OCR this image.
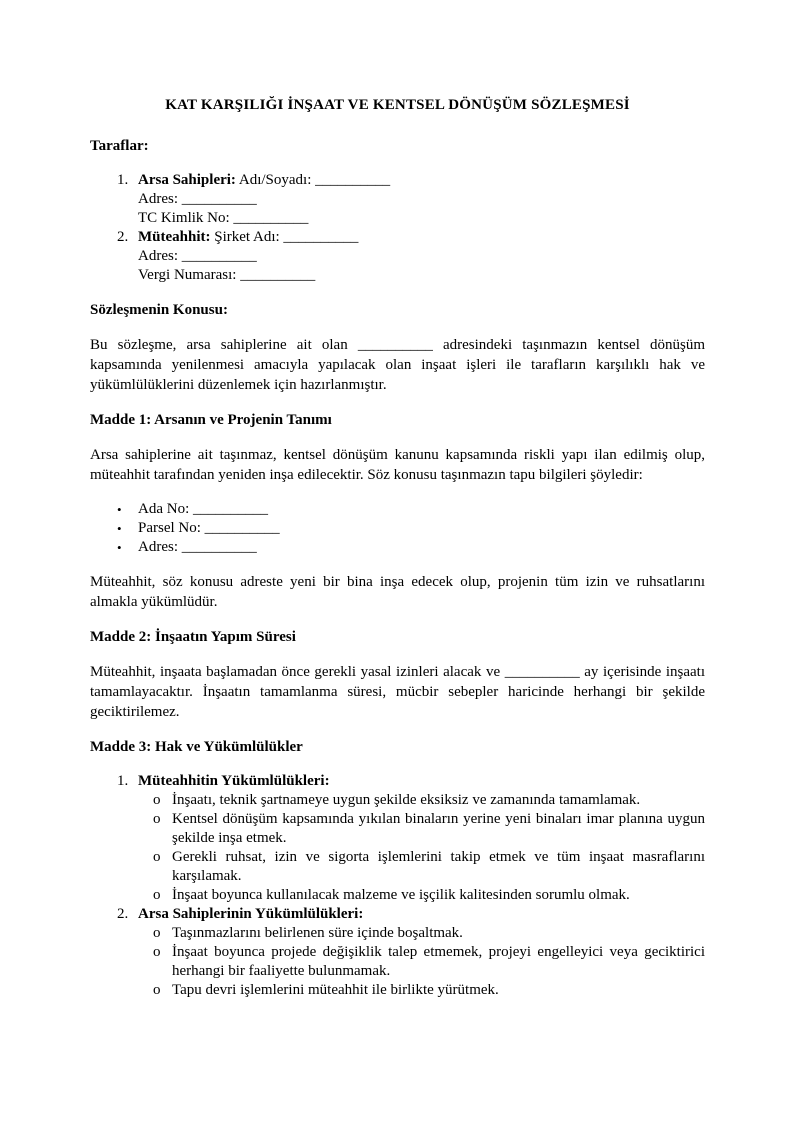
KAT KARŞILIĞI İNŞAAT VE KENTSEL DÖNÜŞÜM SÖZLEŞMESİ
Taraflar:
1. Arsa Sahipleri: Adı/Soyadı: __________
Adres: __________
TC Kimlik No: __________
2. Müteahhit: Şirket Adı: __________
Adres: __________
Vergi Numarası: __________
Sözleşmenin Konusu:

Bu sözleşme, arsa sahiplerine ait olan __________ adresindeki taşınmazın kentsel dönüşüm kapsamında yenilenmesi amacıyla yapılacak olan inşaat işleri ile tarafların karşılıklı hak ve yükümlülüklerini düzenlemek için hazırlanmıştır.

Madde 1: Arsanın ve Projenin Tanımı

Arsa sahiplerine ait taşınmaz, kentsel dönüşüm kanunu kapsamında riskli yapı ilan edilmiş olup, müteahhit tarafından yeniden inşa edilecektir. Söz konusu taşınmazın tapu bilgileri şöyledir:

•	Ada No: __________
•	Parsel No: __________
•	Adres: __________

Müteahhit, söz konusu adreste yeni bir bina inşa edecek olup, projenin tüm izin ve ruhsatlarını almakla yükümlüdür.

Madde 2: İnşaatın Yapım Süresi

Müteahhit, inşaata başlamadan önce gerekli yasal izinleri alacak ve __________ ay içerisinde inşaatı tamamlayacaktır. İnşaatın tamamlanma süresi, mücbir sebepler haricinde herhangi bir şekilde geciktirilemez.

Madde 3: Hak ve Yükümlülükler
1. Müteahhitin Yükümlülükleri:
o İnşaatı, teknik şartnameye uygun şekilde eksiksiz ve zamanında tamamlamak.
o Kentsel dönüşüm kapsamında yıkılan binaların yerine yeni binaları imar planına uygun şekilde inşa etmek.
o Gerekli ruhsat, izin ve sigorta işlemlerini takip etmek ve tüm inşaat masraflarını karşılamak.
o İnşaat boyunca kullanılacak malzeme ve işçilik kalitesinden sorumlu olmak.
2. Arsa Sahiplerinin Yükümlülükleri:
o Taşınmazlarını belirlenen süre içinde boşaltmak.
o İnşaat boyunca projede değişiklik talep etmemek, projeyi engelleyici veya geciktirici herhangi bir faaliyette bulunmamak.
o Tapu devri işlemlerini müteahhit ile birlikte yürütmek.
